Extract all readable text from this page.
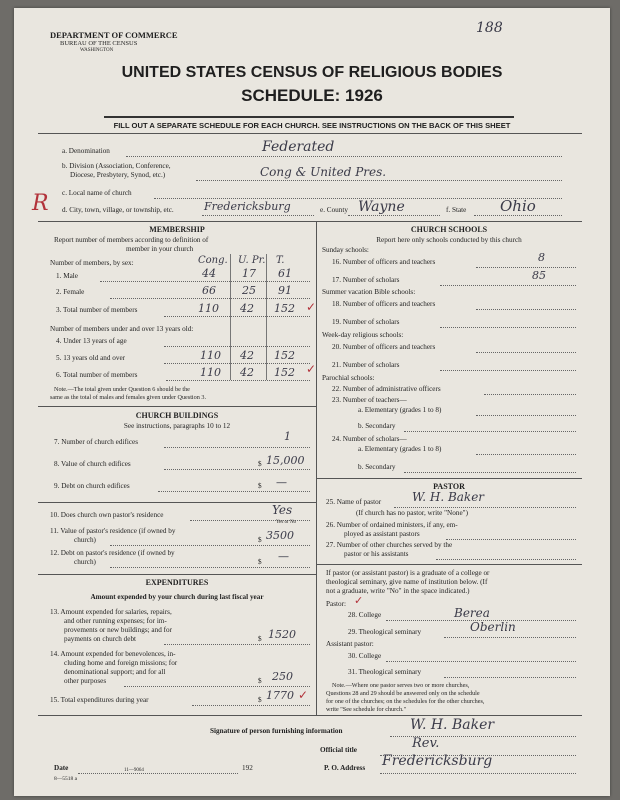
DEPARTMENT OF COMMERCE
BUREAU OF THE CENSUS
WASHINGTON
188
UNITED STATES CENSUS OF RELIGIOUS BODIES
SCHEDULE: 1926
FILL OUT A SEPARATE SCHEDULE FOR EACH CHURCH. SEE INSTRUCTIONS ON THE BACK OF THIS SHEET
a. Denomination	Federated
b. Division (Association, Conference,
Diocese, Presbytery, Synod, etc.)	Cong & United Pres.
c. Local name of church
R d. City, town, village, or township, etc.	Fredericksburg	e. County Wayne	f. State Ohio
MEMBERSHIP
Report number of members according to definition of
member in your church
Number of members, by sex:	Cong. U. Pr. T.
1. Male	44 17 61
2. Female	66 25 91
3. Total number of members	110 42 152 ✓
Number of members under and over 13 years old:
4. Under 13 years of age
5. 13 years old and over	110 42 152
6. Total number of members	110 42 152 ✓
Note.—The total given under Question 6 should be the
same as the total of males and females given under Question 3.
CHURCH BUILDINGS
See instructions, paragraphs 10 to 12
7. Number of church edifices	1
8. Value of church edifices	$ 15,000
9. Debt on church edifices	$ —
10. Does church own pastor's residence	Yes
Yes or No
11. Value of pastor's residence (if owned by
church)	$ 3500
12. Debt on pastor's residence (if owned by
church)	$ —
EXPENDITURES
Amount expended by your church during last fiscal year
13. Amount expended for salaries, repairs,
and other running expenses; for im-
provements or new buildings; and for
payments on church debt	$ 1520
14. Amount expended for benevolences, in-
cluding home and foreign missions; for
denominational support; and for all
other purposes	$ 250
15. Total expenditures during year	$ 1770 ✓
CHURCH SCHOOLS
Report here only schools conducted by this church
Sunday schools:
16. Number of officers and teachers	8
17. Number of scholars	85
Summer vacation Bible schools:
18. Number of officers and teachers
19. Number of scholars
Week-day religious schools:
20. Number of officers and teachers
21. Number of scholars
Parochial schools:
22. Number of administrative officers
23. Number of teachers—
a. Elementary (grades 1 to 8)
b. Secondary
24. Number of scholars—
a. Elementary (grades 1 to 8)
b. Secondary
PASTOR
25. Name of pastor	W. H. Baker
(If church has no pastor, write "None")
26. Number of ordained ministers, if any, em-
ployed as assistant pastors
27. Number of other churches served by the
pastor or his assistants
If pastor (or assistant pastor) is a graduate of a college or
theological seminary, give name of institution below. (If
not a graduate, write "No" in the space indicated.)
Pastor: ✓
28. College	Berea
29. Theological seminary	Oberlin
Assistant pastor:
30. College
31. Theological seminary
Note.—Where one pastor serves two or more churches,
Questions 28 and 29 should be answered only on the schedule
for one of the churches; on the schedules for the other churches,
write "See schedule for church."
Signature of person furnishing information	W. H. Baker
Official title	Rev.
P. O. Address Fredericksburg
Date	192
8—5518 a
11—9064
